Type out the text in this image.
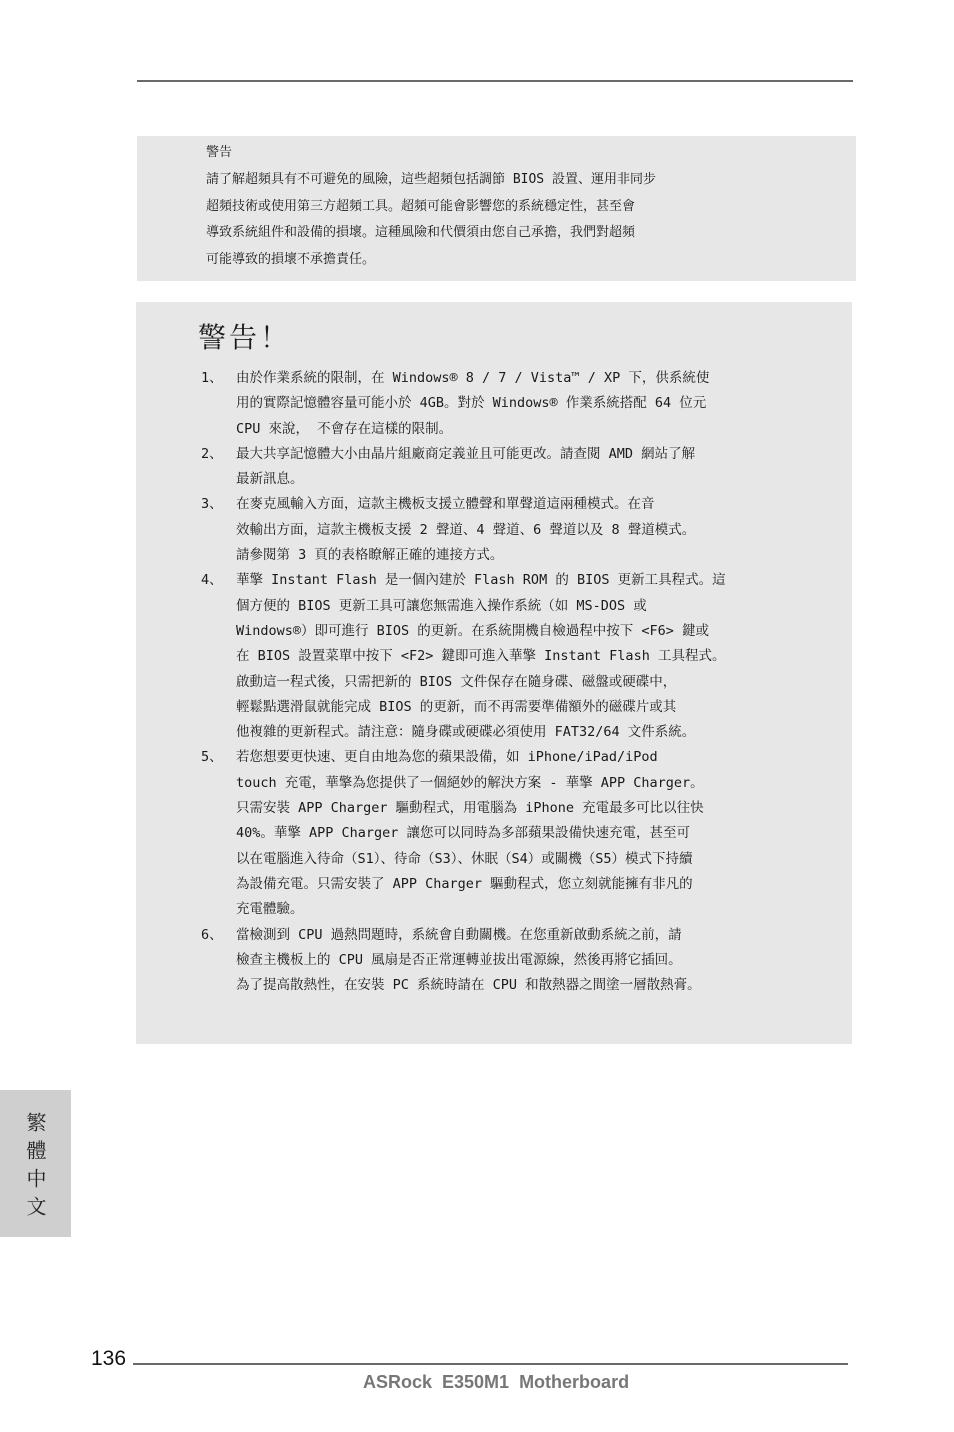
警告
請了解超頻具有不可避免的風險，這些超頻包括調節 BIOS 設置、運用非同步
超頻技術或使用第三方超頻工具。超頻可能會影響您的系統穩定性，甚至會
導致系統組件和設備的損壞。這種風險和代價須由您自己承擔，我們對超頻
可能導致的損壞不承擔責任。
警告！
1、 由於作業系統的限制，在 Windows® 8 / 7 / Vista™ / XP 下，供系統使
用的實際記憶體容量可能小於 4GB。對於 Windows® 作業系統搭配 64 位元
CPU 來說， 不會存在這樣的限制。
2、 最大共享記憶體大小由晶片組廠商定義並且可能更改。請查閱 AMD 網站了解
最新訊息。
3、 在麥克風輸入方面，這款主機板支援立體聲和單聲道這兩種模式。在音
效輸出方面，這款主機板支援 2 聲道、4 聲道、6 聲道以及 8 聲道模式。
請參閱第 3 頁的表格瞭解正確的連接方式。
4、 華擎 Instant Flash 是一個內建於 Flash ROM 的 BIOS 更新工具程式。這
個方便的 BIOS 更新工具可讓您無需進入操作系統（如 MS-DOS 或
Windows®）即可進行 BIOS 的更新。在系統開機自檢過程中按下 <F6> 鍵或
在 BIOS 設置菜單中按下 <F2> 鍵即可進入華擎 Instant Flash 工具程式。
啟動這一程式後，只需把新的 BIOS 文件保存在隨身碟、磁盤或硬碟中，
輕鬆點選滑鼠就能完成 BIOS 的更新，而不再需要準備額外的磁碟片或其
他複雜的更新程式。請注意：隨身碟或硬碟必須使用 FAT32/64 文件系統。
5、 若您想要更快速、更自由地為您的蘋果設備，如 iPhone/iPad/iPod
touch 充電，華擎為您提供了一個絕妙的解決方案 - 華擎 APP Charger。
只需安裝 APP Charger 驅動程式，用電腦為 iPhone 充電最多可比以往快
40%。華擎 APP Charger 讓您可以同時為多部蘋果設備快速充電，甚至可
以在電腦進入待命（S1）、待命（S3）、休眠（S4）或關機（S5）模式下持續
為設備充電。只需安裝了 APP Charger 驅動程式，您立刻就能擁有非凡的
充電體驗。
6、 當檢測到 CPU 過熱問題時，系統會自動關機。在您重新啟動系統之前，請
檢查主機板上的 CPU 風扇是否正常運轉並拔出電源線，然後再將它插回。
為了提高散熱性，在安裝 PC 系統時請在 CPU 和散熱器之間塗一層散熱膏。
繁體中文
136
ASRock  E350M1  Motherboard
